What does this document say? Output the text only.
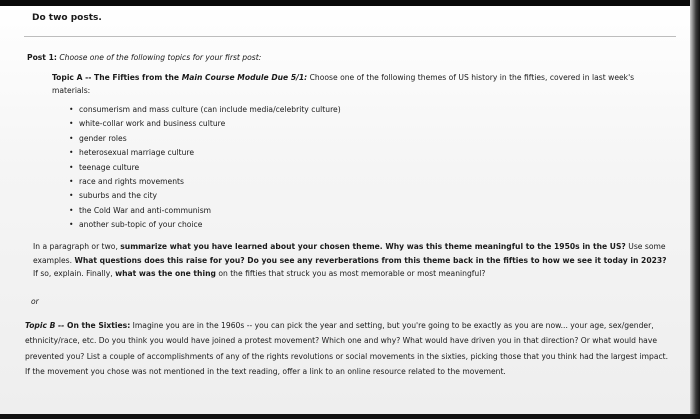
Do two posts.
Post 1: Choose one of the following topics for your first post:
Topic A -- The Fifties from the Main Course Module Due 5/1: Choose one of the following themes of US history in the fifties, covered in last week's materials:
• consumerism and mass culture (can include media/celebrity culture)
• white-collar work and business culture
• gender roles
• heterosexual marriage culture
• teenage culture
• race and rights movements
• suburbs and the city
• the Cold War and anti-communism
• another sub-topic of your choice
In a paragraph or two, summarize what you have learned about your chosen theme. Why was this theme meaningful to the 1950s in the US? Use some examples. What questions does this raise for you? Do you see any reverberations from this theme back in the fifties to how we see it today in 2023? If so, explain. Finally, what was the one thing on the fifties that struck you as most memorable or most meaningful?
or
Topic B -- On the Sixties: Imagine you are in the 1960s -- you can pick the year and setting, but you're going to be exactly as you are now... your age, sex/gender, ethnicity/race, etc. Do you think you would have joined a protest movement? Which one and why? What would have driven you in that direction? Or what would have prevented you? List a couple of accomplishments of any of the rights revolutions or social movements in the sixties, picking those that you think had the largest impact. If the movement you chose was not mentioned in the text reading, offer a link to an online resource related to the movement.
